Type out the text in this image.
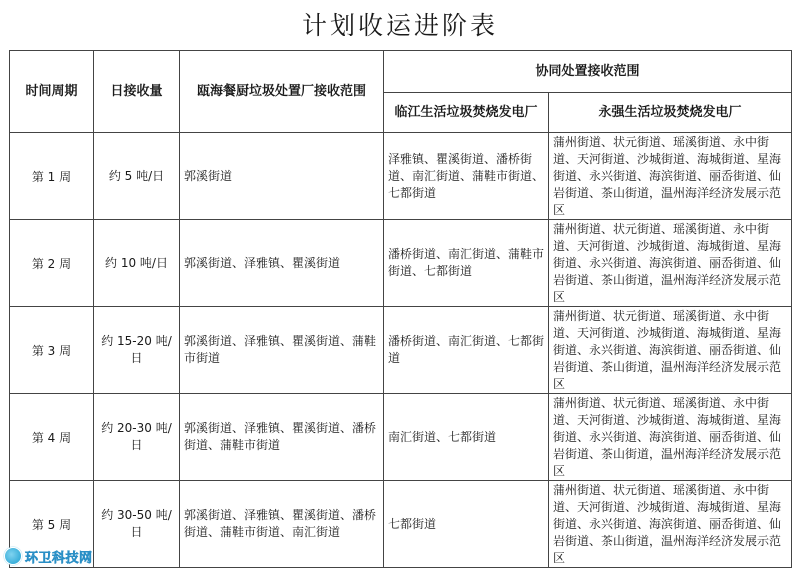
计划收运进阶表
时间周期	日接收量	瓯海餐厨垃圾处置厂接收范围	协同处置接收范围	
			临江生活垃圾焚烧发电厂	永强生活垃圾焚烧发电厂
第 1 周	约 5 吨/日	郭溪街道	泽雅镇、瞿溪街道、潘桥街道、南汇街道、蒲鞋市街道、七都街道	蒲州街道、状元街道、瑶溪街道、永中街道、天河街道、沙城街道、海城街道、星海街道、永兴街道、海滨街道、丽岙街道、仙岩街道、茶山街道，温州海洋经济发展示范区
第 2 周	约 10 吨/日	郭溪街道、泽雅镇、瞿溪街道	潘桥街道、南汇街道、蒲鞋市街道、七都街道	蒲州街道、状元街道、瑶溪街道、永中街道、天河街道、沙城街道、海城街道、星海街道、永兴街道、海滨街道、丽岙街道、仙岩街道、茶山街道，温州海洋经济发展示范区
第 3 周	约 15-20 吨/日	郭溪街道、泽雅镇、瞿溪街道、蒲鞋市街道	潘桥街道、南汇街道、七都街道	蒲州街道、状元街道、瑶溪街道、永中街道、天河街道、沙城街道、海城街道、星海街道、永兴街道、海滨街道、丽岙街道、仙岩街道、茶山街道，温州海洋经济发展示范区
第 4 周	约 20-30 吨/日	郭溪街道、泽雅镇、瞿溪街道、潘桥街道、蒲鞋市街道	南汇街道、七都街道	蒲州街道、状元街道、瑶溪街道、永中街道、天河街道、沙城街道、海城街道、星海街道、永兴街道、海滨街道、丽岙街道、仙岩街道、茶山街道，温州海洋经济发展示范区
第 5 周	约 30-50 吨/日	郭溪街道、泽雅镇、瞿溪街道、潘桥街道、蒲鞋市街道、南汇街道	七都街道	蒲州街道、状元街道、瑶溪街道、永中街道、天河街道、沙城街道、海城街道、星海街道、永兴街道、海滨街道、丽岙街道、仙岩街道、茶山街道，温州海洋经济发展示范区
环卫科技网
